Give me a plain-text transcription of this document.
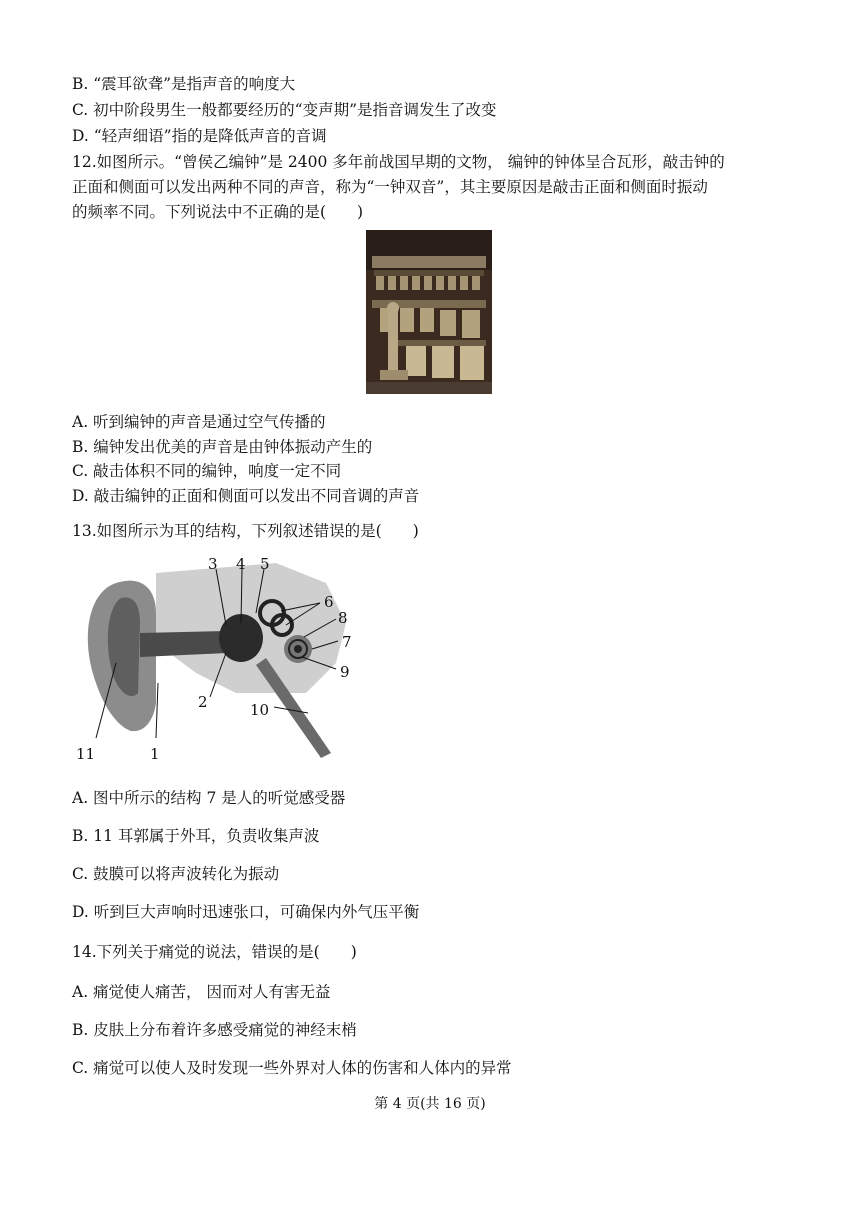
B. “震耳欲聋”是指声音的响度大
C. 初中阶段男生一般都要经历的“变声期”是指音调发生了改变
D. “轻声细语”指的是降低声音的音调
12.如图所示。“曾侯乙编钟”是 2400 多年前战国早期的文物， 编钟的钟体呈合瓦形，敲击钟的
正面和侧面可以发出两种不同的声音，称为“一钟双音”，其主要原因是敲击正面和侧面时振动
的频率不同。下列说法中不正确的是(　　)
A. 听到编钟的声音是通过空气传播的
B. 编钟发出优美的声音是由钟体振动产生的
C. 敲击体积不同的编钟，响度一定不同
D. 敲击编钟的正面和侧面可以发出不同音调的声音
13.如图所示为耳的结构，下列叙述错误的是(　　)
3 4 5
6
8
7
9
2	10
11	1
A. 图中所示的结构 7 是人的听觉感受器
B. 11 耳郭属于外耳，负责收集声波
C. 鼓膜可以将声波转化为振动
D. 听到巨大声响时迅速张口，可确保内外气压平衡
14.下列关于痛觉的说法，错误的是(　　)
A. 痛觉使人痛苦， 因而对人有害无益
B. 皮肤上分布着许多感受痛觉的神经末梢
C. 痛觉可以使人及时发现一些外界对人体的伤害和人体内的异常
第 4 页(共 16 页)
